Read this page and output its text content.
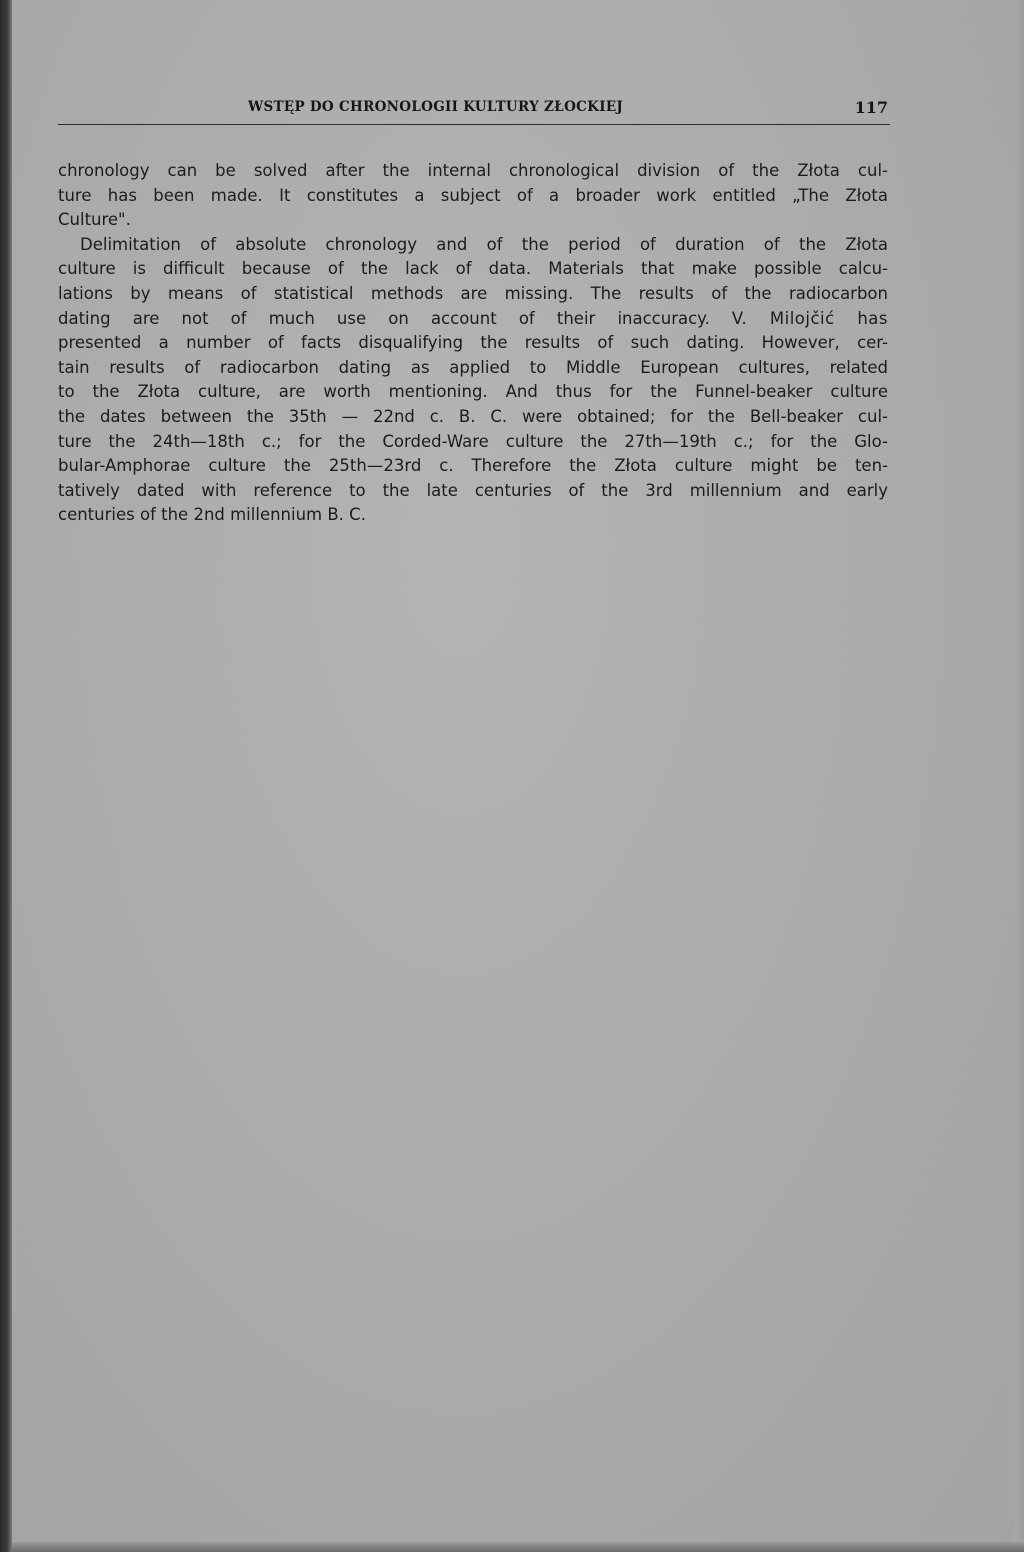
WSTĘP DO CHRONOLOGII KULTURY ZŁOCKIEJ	117
chronology can be solved after the internal chronological division of the Złota cul-
ture has been made. It constitutes a subject of a broader work entitled „The Złota
Culture".
Delimitation of absolute chronology and of the period of duration of the Złota
culture is difficult because of the lack of data. Materials that make possible calcu-
lations by means of statistical methods are missing. The results of the radiocarbon
dating are not of much use on account of their inaccuracy. V. Milojčić has
presented a number of facts disqualifying the results of such dating. However, cer-
tain results of radiocarbon dating as applied to Middle European cultures, related
to the Złota culture, are worth mentioning. And thus for the Funnel-beaker culture
the dates between the 35th — 22nd c. B. C. were obtained; for the Bell-beaker cul-
ture the 24th—18th c.; for the Corded-Ware culture the 27th—19th c.; for the Glo-
bular-Amphorae culture the 25th—23rd c. Therefore the Złota culture might be ten-
tatively dated with reference to the late centuries of the 3rd millennium and early
centuries of the 2nd millennium B. C.
